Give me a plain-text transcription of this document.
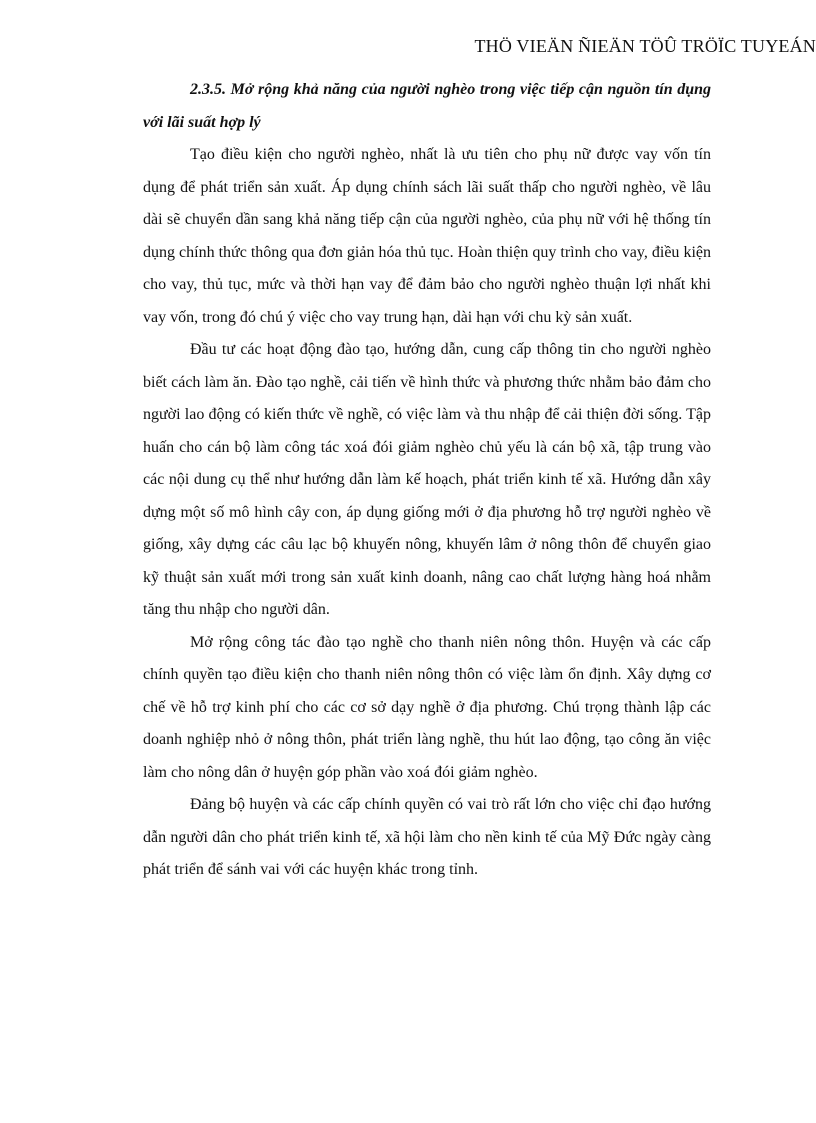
THÖ VIEÄN ÑIEÄN TÖÛ TRÖÏC TUYEÁN

2.3.5. Mở rộng khả năng của người nghèo trong việc tiếp cận nguồn tín dụng với lãi suất hợp lý

Tạo điều kiện cho người nghèo, nhất là ưu tiên cho phụ nữ được vay vốn tín dụng để phát triển sản xuất. Áp dụng chính sách lãi suất thấp cho người nghèo, về lâu dài sẽ chuyển dần sang khả năng tiếp cận của người nghèo, của phụ nữ với hệ thống tín dụng chính thức thông qua đơn giản hóa thủ tục. Hoàn thiện quy trình cho vay, điều kiện cho vay, thủ tục, mức và thời hạn vay để đảm bảo cho người nghèo thuận lợi nhất khi vay vốn, trong đó chú ý việc cho vay trung hạn, dài hạn với chu kỳ sản xuất.

Đầu tư các hoạt động đào tạo, hướng dẫn, cung cấp thông tin cho người nghèo biết cách làm ăn. Đào tạo nghề, cải tiến về hình thức và phương thức nhằm bảo đảm cho người lao động có kiến thức về nghề, có việc làm và thu nhập để cải thiện đời sống. Tập huấn cho cán bộ làm công tác xoá đói giảm nghèo chủ yếu là cán bộ xã, tập trung vào các nội dung cụ thể như hướng dẫn làm kế hoạch, phát triển kinh tế xã. Hướng dẫn xây dựng một số mô hình cây con, áp dụng giống mới ở địa phương hỗ trợ người nghèo về giống, xây dựng các câu lạc bộ khuyến nông, khuyến lâm ở nông thôn để chuyển giao kỹ thuật sản xuất mới trong sản xuất kinh doanh, nâng cao chất lượng hàng hoá nhằm tăng thu nhập cho người dân.

Mở rộng công tác đào tạo nghề cho thanh niên nông thôn. Huyện và các cấp chính quyền tạo điều kiện cho thanh niên nông thôn có việc làm ổn định. Xây dựng cơ chế về hỗ trợ kinh phí cho các cơ sở dạy nghề ở địa phương. Chú trọng thành lập các doanh nghiệp nhỏ ở nông thôn, phát triển làng nghề, thu hút lao động, tạo công ăn việc làm cho nông dân ở huyện góp phần vào xoá đói giảm nghèo.

Đảng bộ huyện và các cấp chính quyền có vai trò rất lớn cho việc chỉ đạo hướng dẫn người dân cho phát triển kinh tế, xã hội làm cho nền kinh tế của Mỹ Đức ngày càng phát triển để sánh vai với các huyện khác trong tỉnh.
